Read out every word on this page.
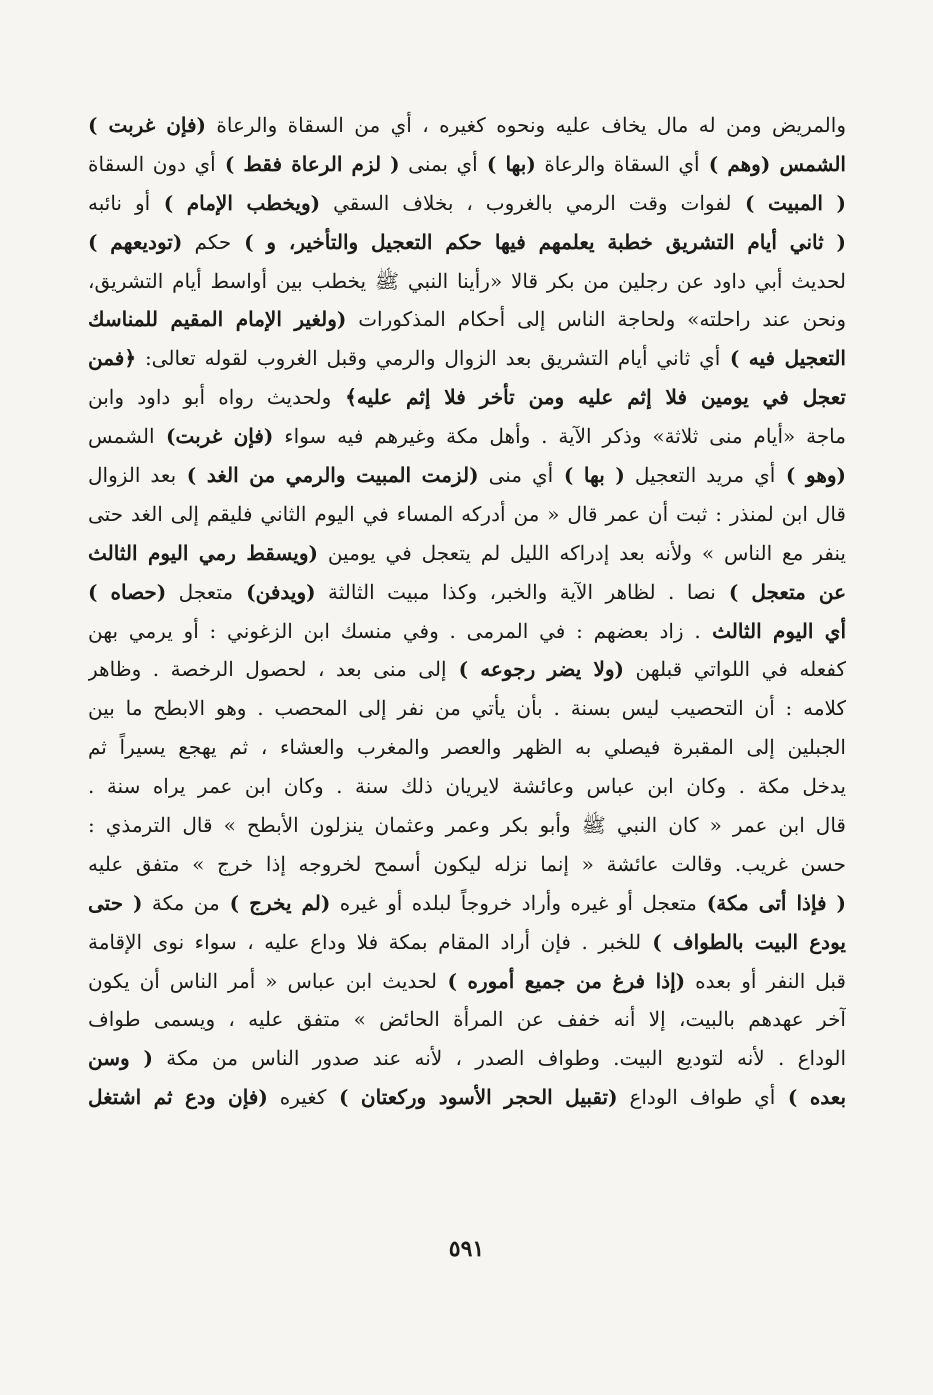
والمريض ومن له مال يخاف عليه ونحوه كغيره ، أي من السقاة والرعاة (فإن غربت )
الشمس (وهم ) أي السقاة والرعاة (بها ) أي بمنى ( لزم الرعاة فقط ) أي دون السقاة
( المبيت ) لفوات وقت الرمي بالغروب ، بخلاف السقي (ويخطب الإمام ) أو نائبه
( ثاني أيام التشريق خطبة يعلمهم فيها حكم التعجيل والتأخير، و ) حكم (توديعهم )
لحديث أبي داود عن رجلين من بكر قالا «رأينا النبي ﷺ يخطب بين أواسط أيام التشريق،
ونحن عند راحلته» ولحاجة الناس إلى أحكام المذكورات (ولغير الإمام المقيم للمناسك
التعجيل فيه ) أي ثاني أيام التشريق بعد الزوال والرمي وقبل الغروب لقوله تعالى: ﴿فمن
تعجل في يومين فلا إثم عليه ومن تأخر فلا إثم عليه﴾ ولحديث رواه أبو داود وابن
ماجة «أيام منى ثلاثة» وذكر الآية . وأهل مكة وغيرهم فيه سواء (فإن غربت) الشمس
(وهو ) أي مريد التعجيل ( بها ) أي منى (لزمت المبيت والرمي من الغد ) بعد الزوال
قال ابن لمنذر : ثبت أن عمر قال « من أدركه المساء في اليوم الثاني فليقم إلى الغد حتى
ينفر مع الناس » ولأنه بعد إدراكه الليل لم يتعجل في يومين (ويسقط رمي اليوم الثالث
عن متعجل ) نصا . لظاهر الآية والخبر، وكذا مبيت الثالثة (ويدفن) متعجل (حصاه )
أي اليوم الثالث . زاد بعضهم : في المرمى . وفي منسك ابن الزغوني : أو يرمي بهن
كفعله في اللواتي قبلهن (ولا يضر رجوعه ) إلى منى بعد ، لحصول الرخصة . وظاهر
كلامه : أن التحصيب ليس بسنة . بأن يأتي من نفر إلى المحصب . وهو الابطح ما بين
الجبلين إلى المقبرة فيصلي به الظهر والعصر والمغرب والعشاء ، ثم يهجع يسيراً ثم
يدخل مكة . وكان ابن عباس وعائشة لايريان ذلك سنة . وكان ابن عمر يراه سنة .
قال ابن عمر « كان النبي ﷺ وأبو بكر وعمر وعثمان ينزلون الأبطح » قال الترمذي :
حسن غريب. وقالت عائشة « إنما نزله ليكون أسمح لخروجه إذا خرج » متفق عليه
( فإذا أتى مكة) متعجل أو غيره وأراد خروجاً لبلده أو غيره (لم يخرج ) من مكة ( حتى
يودع البيت بالطواف ) للخبر . فإن أراد المقام بمكة فلا وداع عليه ، سواء نوى الإقامة
قبل النفر أو بعده (إذا فرغ من جميع أموره ) لحديث ابن عباس « أمر الناس أن يكون
آخر عهدهم بالبيت، إلا أنه خفف عن المرأة الحائض » متفق عليه ، ويسمى طواف
الوداع . لأنه لتوديع البيت. وطواف الصدر ، لأنه عند صدور الناس من مكة ( وسن
بعده ) أي طواف الوداع (تقبيل الحجر الأسود وركعتان ) كغيره (فإن ودع ثم اشتغل
٥٩١
